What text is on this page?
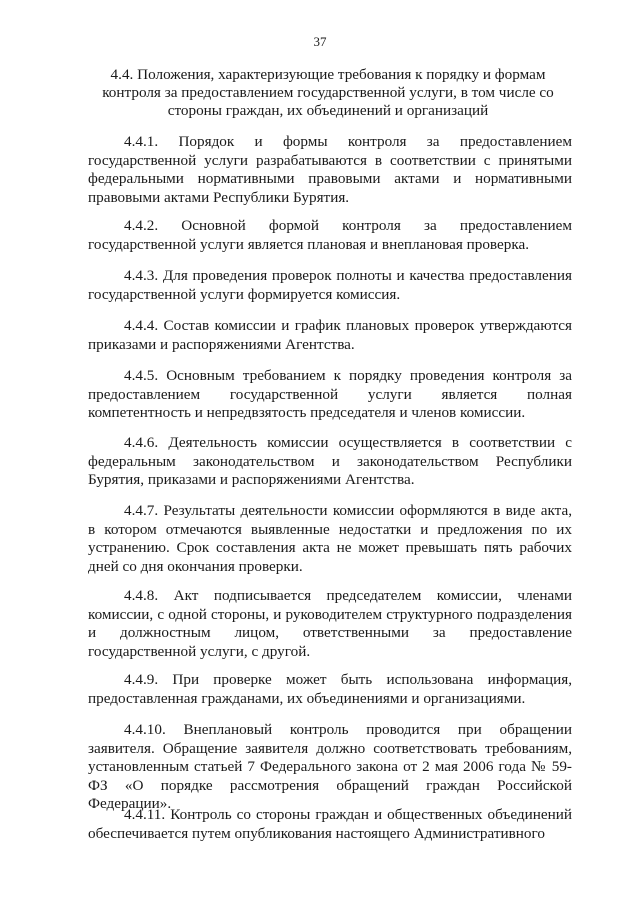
37
4.4. Положения, характеризующие требования к порядку и формам контроля за предоставлением государственной услуги, в том числе со стороны граждан, их объединений и организаций

4.4.1. Порядок и формы контроля за предоставлением государственной услуги разрабатываются в соответствии с принятыми федеральными нормативными правовыми актами и нормативными правовыми актами Республики Бурятия.

4.4.2. Основной формой контроля за предоставлением государственной услуги является плановая и внеплановая проверка.

4.4.3. Для проведения проверок полноты и качества предоставления государственной услуги формируется комиссия.

4.4.4. Состав комиссии и график плановых проверок утверждаются приказами и распоряжениями Агентства.

4.4.5. Основным требованием к порядку проведения контроля за предоставлением государственной услуги является полная компетентность и непредвзятость председателя и членов комиссии.

4.4.6. Деятельность комиссии осуществляется в соответствии с федеральным законодательством и законодательством Республики Бурятия, приказами и распоряжениями Агентства.

4.4.7. Результаты деятельности комиссии оформляются в виде акта, в котором отмечаются выявленные недостатки и предложения по их устранению. Срок составления акта не может превышать пять рабочих дней со дня окончания проверки.

4.4.8. Акт подписывается председателем комиссии, членами комиссии, с одной стороны, и руководителем структурного подразделения и должностным лицом, ответственными за предоставление государственной услуги, с другой.

4.4.9. При проверке может быть использована информация, предоставленная гражданами, их объединениями и организациями.

4.4.10. Внеплановый контроль проводится при обращении заявителя. Обращение заявителя должно соответствовать требованиям, установленным статьей 7 Федерального закона от 2 мая 2006 года № 59-ФЗ «О порядке рассмотрения обращений граждан Российской Федерации».

4.4.11. Контроль со стороны граждан и общественных объединений обеспечивается путем опубликования настоящего Административного
